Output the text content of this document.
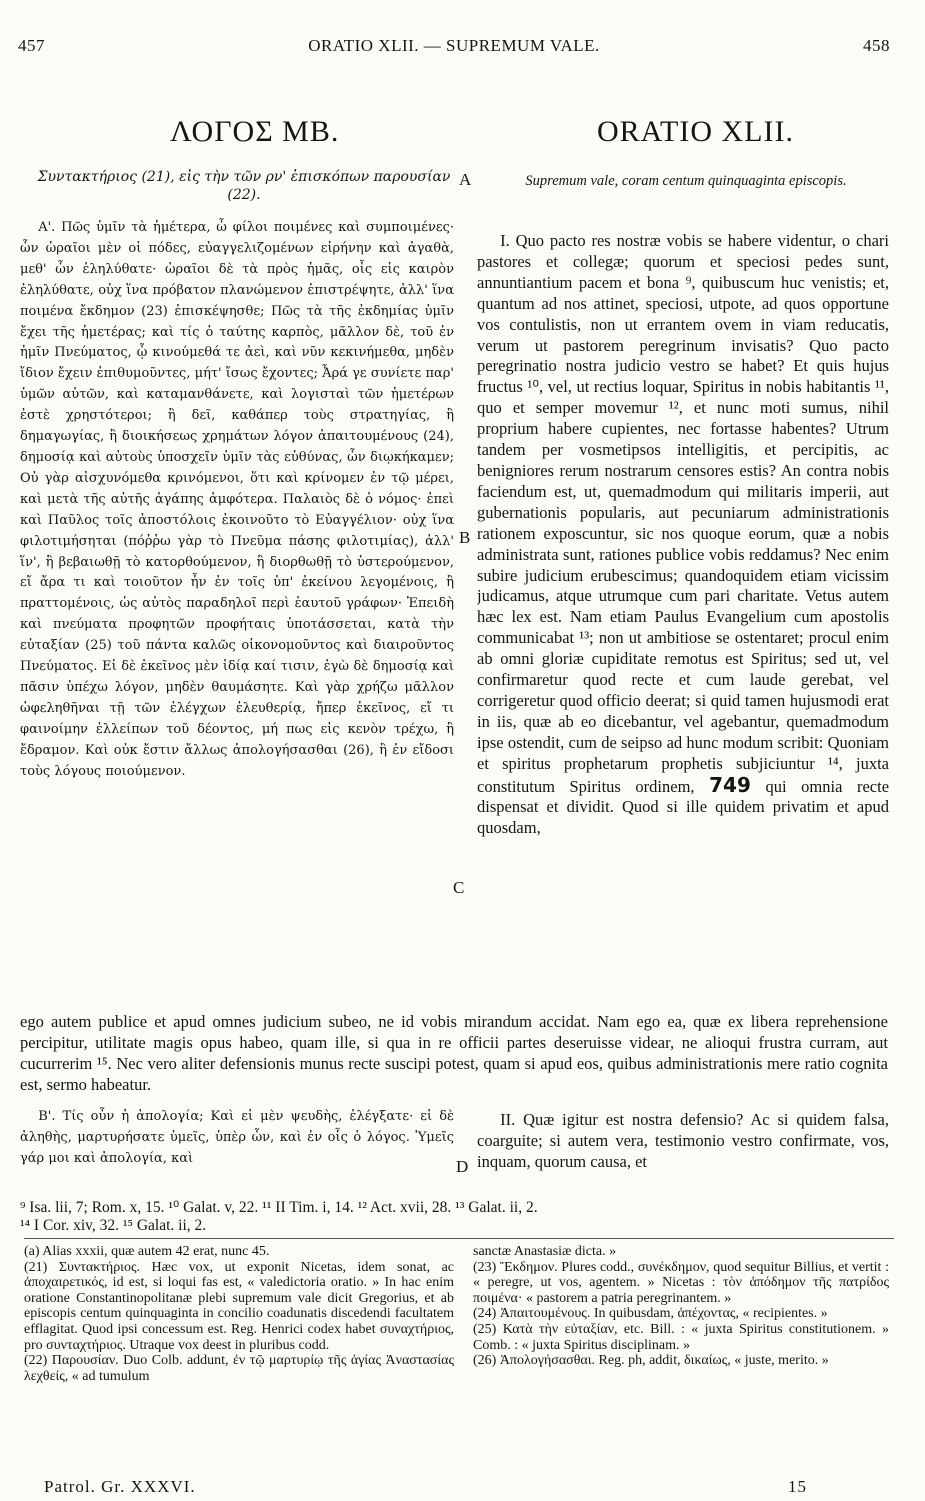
457	ORATIO XLII. — SUPREMUM VALE.	458
ΛΟΓΟΣ ΜΒ.	ORATIO XLII.
Συντακτήριος (21), εἰς τὴν τῶν ρν' ἐπισκόπων παρουσίαν (22).
Supremum vale, coram centum quinquaginta episcopis.
A
B
C
D
Α'. Πῶς ὑμῖν τὰ ἡμέτερα, ὦ φίλοι ποιμένες καὶ συμποιμένες· ὧν ὡραῖοι μὲν οἱ πόδες, εὐαγγελιζομένων εἰρήνην καὶ ἀγαθὰ, μεθ' ὧν ἐληλύθατε· ὡραῖοι δὲ τὰ πρὸς ἡμᾶς, οἷς εἰς καιρὸν ἐληλύθατε, οὐχ ἵνα πρόβατον πλανώμενον ἐπιστρέψητε, ἀλλ' ἵνα ποιμένα ἔκδημον (23) ἐπισκέψησθε; Πῶς τὰ τῆς ἐκδημίας ὑμῖν ἔχει τῆς ἡμετέρας; καὶ τίς ὁ ταύτης καρπὸς, μᾶλλον δὲ, τοῦ ἐν ἡμῖν Πνεύματος, ᾧ κινούμεθά τε ἀεὶ, καὶ νῦν κεκινήμεθα, μηδὲν ἴδιον ἔχειν ἐπιθυμοῦντες, μήτ' ἴσως ἔχοντες; Ἆρά γε συνίετε παρ' ὑμῶν αὐτῶν, καὶ καταμανθάνετε, καὶ λογισταὶ τῶν ἡμετέρων ἐστὲ χρηστότεροι; ἢ δεῖ, καθάπερ τοὺς στρατηγίας, ἢ δημαγωγίας, ἢ διοικήσεως χρημάτων λόγον ἀπαιτουμένους (24), δημοσίᾳ καὶ αὐτοὺς ὑποσχεῖν ὑμῖν τὰς εὐθύνας, ὧν διῳκήκαμεν; Οὐ γὰρ αἰσχυνόμεθα κρινόμενοι, ὅτι καὶ κρίνομεν ἐν τῷ μέρει, καὶ μετὰ τῆς αὐτῆς ἀγάπης ἀμφότερα. Παλαιὸς δὲ ὁ νόμος· ἐπεὶ καὶ Παῦλος τοῖς ἀποστόλοις ἐκοινοῦτο τὸ Εὐαγγέλιον· οὐχ ἵνα φιλοτιμήσηται (πόῤῥω γὰρ τὸ Πνεῦμα πάσης φιλοτιμίας), ἀλλ' ἵν', ἢ βεβαιωθῇ τὸ κατορθούμενον, ἢ διορθωθῇ τὸ ὑστερούμενον, εἴ ἄρα τι καὶ τοιοῦτον ἦν ἐν τοῖς ὑπ' ἐκείνου λεγομένοις, ἢ πραττομένοις, ὡς αὐτὸς παραδηλοῖ περὶ ἑαυτοῦ γράφων· Ἐπειδὴ καὶ πνεύματα προφητῶν προφήταις ὑποτάσσεται, κατὰ τὴν εὐταξίαν (25) τοῦ πάντα καλῶς οἰκονομοῦντος καὶ διαιροῦντος Πνεύματος. Εἰ δὲ ἐκεῖνος μὲν ἰδίᾳ καί τισιν, ἐγὼ δὲ δημοσίᾳ καὶ πᾶσιν ὑπέχω λόγον, μηδὲν θαυμάσητε. Καὶ γὰρ χρήζω μᾶλλον ὠφεληθῆναι τῇ τῶν ἐλέγχων ἐλευθερίᾳ, ἤπερ ἐκεῖνος, εἴ τι φαινοίμην ἐλλείπων τοῦ δέοντος, μή πως εἰς κενὸν τρέχω, ἢ ἔδραμον. Καὶ οὐκ ἔστιν ἄλλως ἀπολογήσασθαι (26), ἢ ἐν εἴδοσι τοὺς λόγους ποιούμενον.
I. Quo pacto res nostræ vobis se habere videntur, o chari pastores et collegæ; quorum et speciosi pedes sunt, annuntiantium pacem et bona ⁹, quibuscum huc venistis; et, quantum ad nos attinet, speciosi, utpote, ad quos opportune vos contulistis, non ut errantem ovem in viam reducatis, verum ut pastorem peregrinum invisatis? Quo pacto peregrinatio nostra judicio vestro se habet? Et quis hujus fructus ¹⁰, vel, ut rectius loquar, Spiritus in nobis habitantis ¹¹, quo et semper movemur ¹², et nunc moti sumus, nihil proprium habere cupientes, nec fortasse habentes? Utrum tandem per vosmetipsos intelligitis, et percipitis, ac benigniores rerum nostrarum censores estis? An contra nobis faciendum est, ut, quemadmodum qui militaris imperii, aut gubernationis popularis, aut pecuniarum administrationis rationem exposcuntur, sic nos quoque eorum, quæ a nobis administrata sunt, rationes publice vobis reddamus? Nec enim subire judicium erubescimus; quandoquidem etiam vicissim judicamus, atque utrumque cum pari charitate. Vetus autem hæc lex est. Nam etiam Paulus Evangelium cum apostolis communicabat ¹³; non ut ambitiose se ostentaret; procul enim ab omni gloriæ cupiditate remotus est Spiritus; sed ut, vel confirmaretur quod recte et cum laude gerebat, vel corrigeretur quod officio deerat; si quid tamen hujusmodi erat in iis, quæ ab eo dicebantur, vel agebantur, quemadmodum ipse ostendit, cum de seipso ad hunc modum scribit: Quoniam et spiritus prophetarum prophetis subjiciuntur ¹⁴, juxta constitutum Spiritus ordinem, 749 qui omnia recte dispensat et dividit. Quod si ille quidem privatim et apud quosdam,
ego autem publice et apud omnes judicium subeo, ne id vobis mirandum accidat. Nam ego ea, quæ ex libera reprehensione percipitur, utilitate magis opus habeo, quam ille, si qua in re officii partes deseruisse videar, ne alioqui frustra curram, aut cucurrerim ¹⁵. Nec vero aliter defensionis munus recte suscipi potest, quam si apud eos, quibus administrationis mere ratio cognita est, sermo habeatur.
Β'. Τίς οὖν ἡ ἀπολογία; Καὶ εἰ μὲν ψευδὴς, ἐλέγξατε· εἰ δὲ ἀληθὴς, μαρτυρήσατε ὑμεῖς, ὑπὲρ ὧν, καὶ ἐν οἷς ὁ λόγος. Ὑμεῖς γάρ μοι καὶ ἀπολογία, καὶ
II. Quæ igitur est nostra defensio? Ac si quidem falsa, coarguite; si autem vera, testimonio vestro confirmate, vos, inquam, quorum causa, et
⁹ Isa. lii, 7; Rom. x, 15. ¹⁰ Galat. v, 22. ¹¹ II Tim. i, 14. ¹² Act. xvii, 28. ¹³ Galat. ii, 2.
¹⁴ I Cor. xiv, 32. ¹⁵ Galat. ii, 2.

(a) Alias xxxii, quæ autem 42 erat, nunc 45.

(21) Συντακτήριος. Hæc vox, ut exponit Nicetas, idem sonat, ac ἀποχαιρετικός, id est, si loqui fas est, « valedictoria oratio. » In hac enim oratione Constantinopolitanæ plebi supremum vale dicit Gregorius, et ab episcopis centum quinquaginta in concilio coadunatis discedendi facultatem efflagitat. Quod ipsi concessum est. Reg. Henrici codex habet συναχτήριος, pro συνταχτήριος. Utraque vox deest in pluribus codd.

(22) Παρουσίαν. Duo Colb. addunt, ἐν τῷ μαρτυρίῳ τῆς ἁγίας Ἀναστασίας λεχθείς, « ad tumulum

sanctæ Anastasiæ dicta. »

(23) Ἔκδημον. Plures codd., συνέκδημον, quod sequitur Billius, et vertit : « peregre, ut vos, agentem. » Nicetas : τὸν ἀπόδημον τῆς πατρίδος ποιμένα· « pastorem a patria peregrinantem. »

(24) Ἀπαιτουμένους. In quibusdam, ἀπέχοντας, « recipientes. »

(25) Κατὰ τὴν εὐταξίαν, etc. Bill. : « juxta Spiritus constitutionem. » Comb. : « juxta Spiritus disciplinam. »

(26) Ἀπολογήσασθαι. Reg. ph, addit, δικαίως, « juste, merito. »

Patrol. Gr. XXXVI.	15
